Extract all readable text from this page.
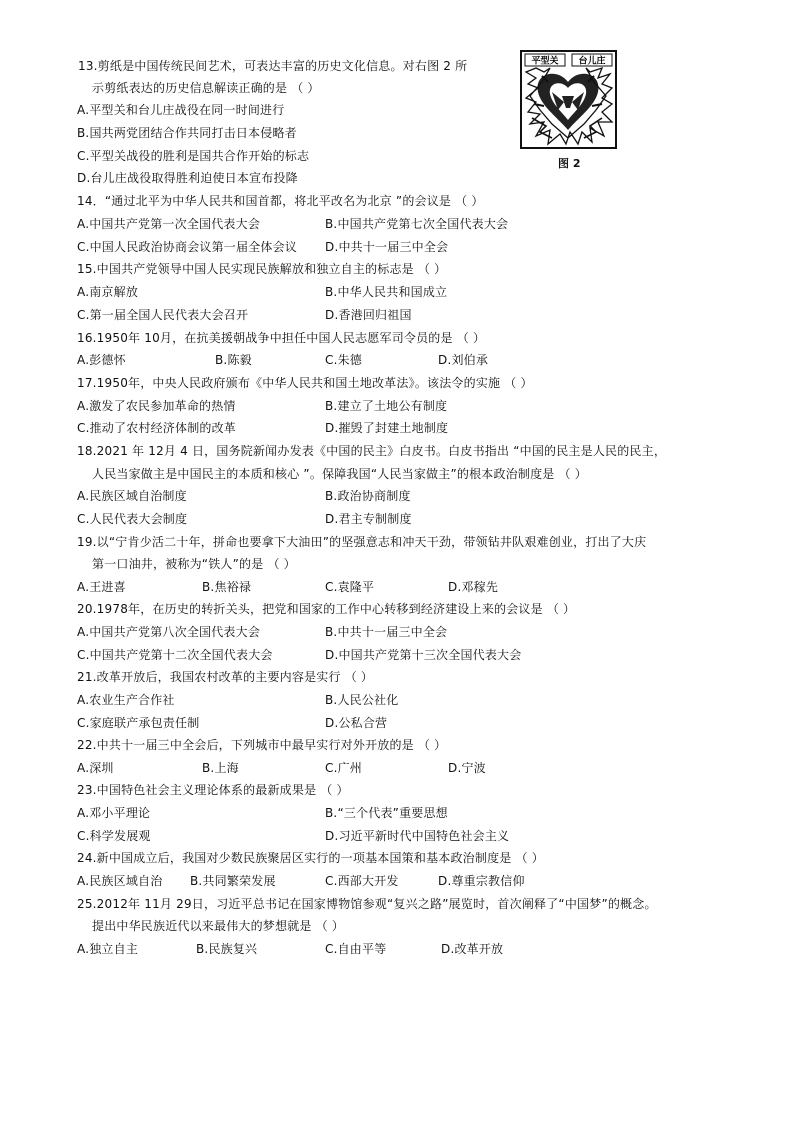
平型关 台儿庄
图 2
13.剪纸是中国传统民间艺术，可表达丰富的历史文化信息。对右图 2 所
示剪纸表达的历史信息解读正确的是 （ ）
A.平型关和台儿庄战役在同一时间进行
B.国共两党团结合作共同打击日本侵略者
C.平型关战役的胜利是国共合作开始的标志
D.台儿庄战役取得胜利迫使日本宣布投降
14．“通过北平为中华人民共和国首都，将北平改名为北京 ”的会议是 （ ）
A.中国共产党第一次全国代表大会	B.中国共产党第七次全国代表大会
C.中国人民政治协商会议第一届全体会议 D.中共十一届三中全会
15.中国共产党领导中国人民实现民族解放和独立自主的标志是 （ ）
A.南京解放	B.中华人民共和国成立
C.第一届全国人民代表大会召开	D.香港回归祖国
16.1950年 10月，在抗美援朝战争中担任中国人民志愿军司令员的是 （ ）
A.彭德怀	B.陈毅	C.朱德	D.刘伯承
17.1950年，中央人民政府颁布《中华人民共和国土地改革法》。该法令的实施 （ ）
A.激发了农民参加革命的热情	B.建立了土地公有制度
C.推动了农村经济体制的改革	D.摧毁了封建土地制度
18.2021 年 12月 4 日，国务院新闻办发表《中国的民主》白皮书。白皮书指出 “中国的民主是人民的民主，
人民当家做主是中国民主的本质和核心 ”。保障我国“人民当家做主”的根本政治制度是 （ ）
A.民族区域自治制度	B.政治协商制度
C.人民代表大会制度	D.君主专制制度
19.以“宁肯少活二十年，拼命也要拿下大油田”的坚强意志和冲天干劲，带领钻井队艰难创业，打出了大庆
第一口油井，被称为“铁人”的是 （ ）
A.王进喜	B.焦裕禄	C.袁隆平	D.邓稼先
20.1978年，在历史的转折关头，把党和国家的工作中心转移到经济建设上来的会议是 （ ）
A.中国共产党第八次全国代表大会	B.中共十一届三中全会
C.中国共产党第十二次全国代表大会	D.中国共产党第十三次全国代表大会
21.改革开放后，我国农村改革的主要内容是实行 （ ）
A.农业生产合作社	B.人民公社化
C.家庭联产承包责任制	D.公私合营
22.中共十一届三中全会后，下列城市中最早实行对外开放的是 （ ）
A.深圳	B.上海	C.广州	D.宁波
23.中国特色社会主义理论体系的最新成果是 （ ）
A.邓小平理论	B.“三个代表”重要思想
C.科学发展观	D.习近平新时代中国特色社会主义
24.新中国成立后，我国对少数民族聚居区实行的一项基本国策和基本政治制度是 （ ）
A.民族区域自治 B.共同繁荣发展	C.西部大开发	D.尊重宗教信仰
25.2012年 11月 29日，习近平总书记在国家博物馆参观“复兴之路”展览时，首次阐释了“中国梦”的概念。
提出中华民族近代以来最伟大的梦想就是 （ ）
A.独立自主	B.民族复兴	C.自由平等	D.改革开放
